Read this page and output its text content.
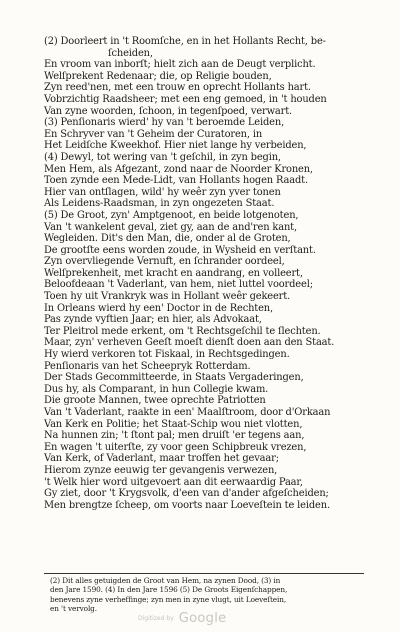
(2) Doorleert in 't Roomſche, en in het Hollants Recht, be-
ſcheiden,
En vroom van inborſt; hielt zich aan de Deugt verplicht.
Welſprekent Redenaar; die, op Religie bouden,
Zyn reed'nen, met een trouw en oprecht Hollants hart.
Vobrzichtig Raadsheer; met een eng gemoed, in 't houden
Van zyne woorden, ſchoon, in tegenſpoed, verwart.
(3) Penſionaris wierd' hy van 't beroemde Leiden,
En Schryver van 't Geheim der Curatoren, in
Het Leidſche Kweekhof. Hier niet lange hy verbeiden,
(4) Dewyl, tot wering van 't geſchil, in zyn begin,
Men Hem, als Afgezant, zond naar de Noorder Kronen,
Toen zynde een Mede-Lidt, van Hollants hogen Raadt.
Hier van ontſlagen, wild' hy weêr zyn yver tonen
Als Leidens-Raadsman, in zyn ongezeten Staat.
(5) De Groot, zyn' Amptgenoot, en beide lotgenoten,
Van 't wankelent geval, ziet gy, aan de and'ren kant,
Wegleiden. Dit's den Man, die, onder al de Groten,
De grootſte eens worden zoude, in Wysheid en verſtant.
Zyn overvliegende Vernuft, en ſchrander oordeel,
Welſprekenheit, met kracht en aandrang, en volleert,
Beloofdeaan 't Vaderlant, van hem, niet luttel voordeel;
Toen hy uit Vrankryk was in Hollant weêr gekeert.
In Orleans wierd hy een' Doctor in de Rechten,
Pas zynde vyftien Jaar; en hier, als Advokaat,
Ter Pleitrol mede erkent, om 't Rechtsgeſchil te ſlechten.
Maar, zyn' verheven Geeſt moeſt dienſt doen aan den Staat.
Hy wierd verkoren tot Fiskaal, in Rechtsgedingen.
Penſionaris van het Scheepryk Rotterdam.
Der Stads Gecommitteerde, in Staats Vergaderingen,
Dus hy, als Comparant, in hun Collegie kwam.
Die groote Mannen, twee oprechte Patriotten
Van 't Vaderlant, raakte in een' Maalſtroom, door d'Orkaan
Van Kerk en Politie; het Staat-Schip wou niet vlotten,
Na hunnen zin; 't ſtont pal; men druiſt 'er tegens aan,
En wagen 't uiterſte, zy voor geen Schipbreuk vrezen,
Van Kerk, of Vaderlant, maar troffen het gevaar;
Hierom zynze eeuwig ter gevangenis verwezen,
't Welk hier word uitgevoert aan dit eerwaardig Paar,
Gy ziet, door 't Krygsvolk, d'een van d'ander afgeſcheiden;
Men brengtze ſcheep, om voorts naar Loeveſtein te leiden.
(2) Dit alles getuigden de Groot van Hem, na zynen Dood, (3) in
den Jare 1590. (4) In den Jare 1596 (5) De Groots Eigenſchappen,
benevens zyne verheffinge; zyn men in zyne vlugt, uit Loeveſtein,
en 't vervolg.
Digitized by Google
